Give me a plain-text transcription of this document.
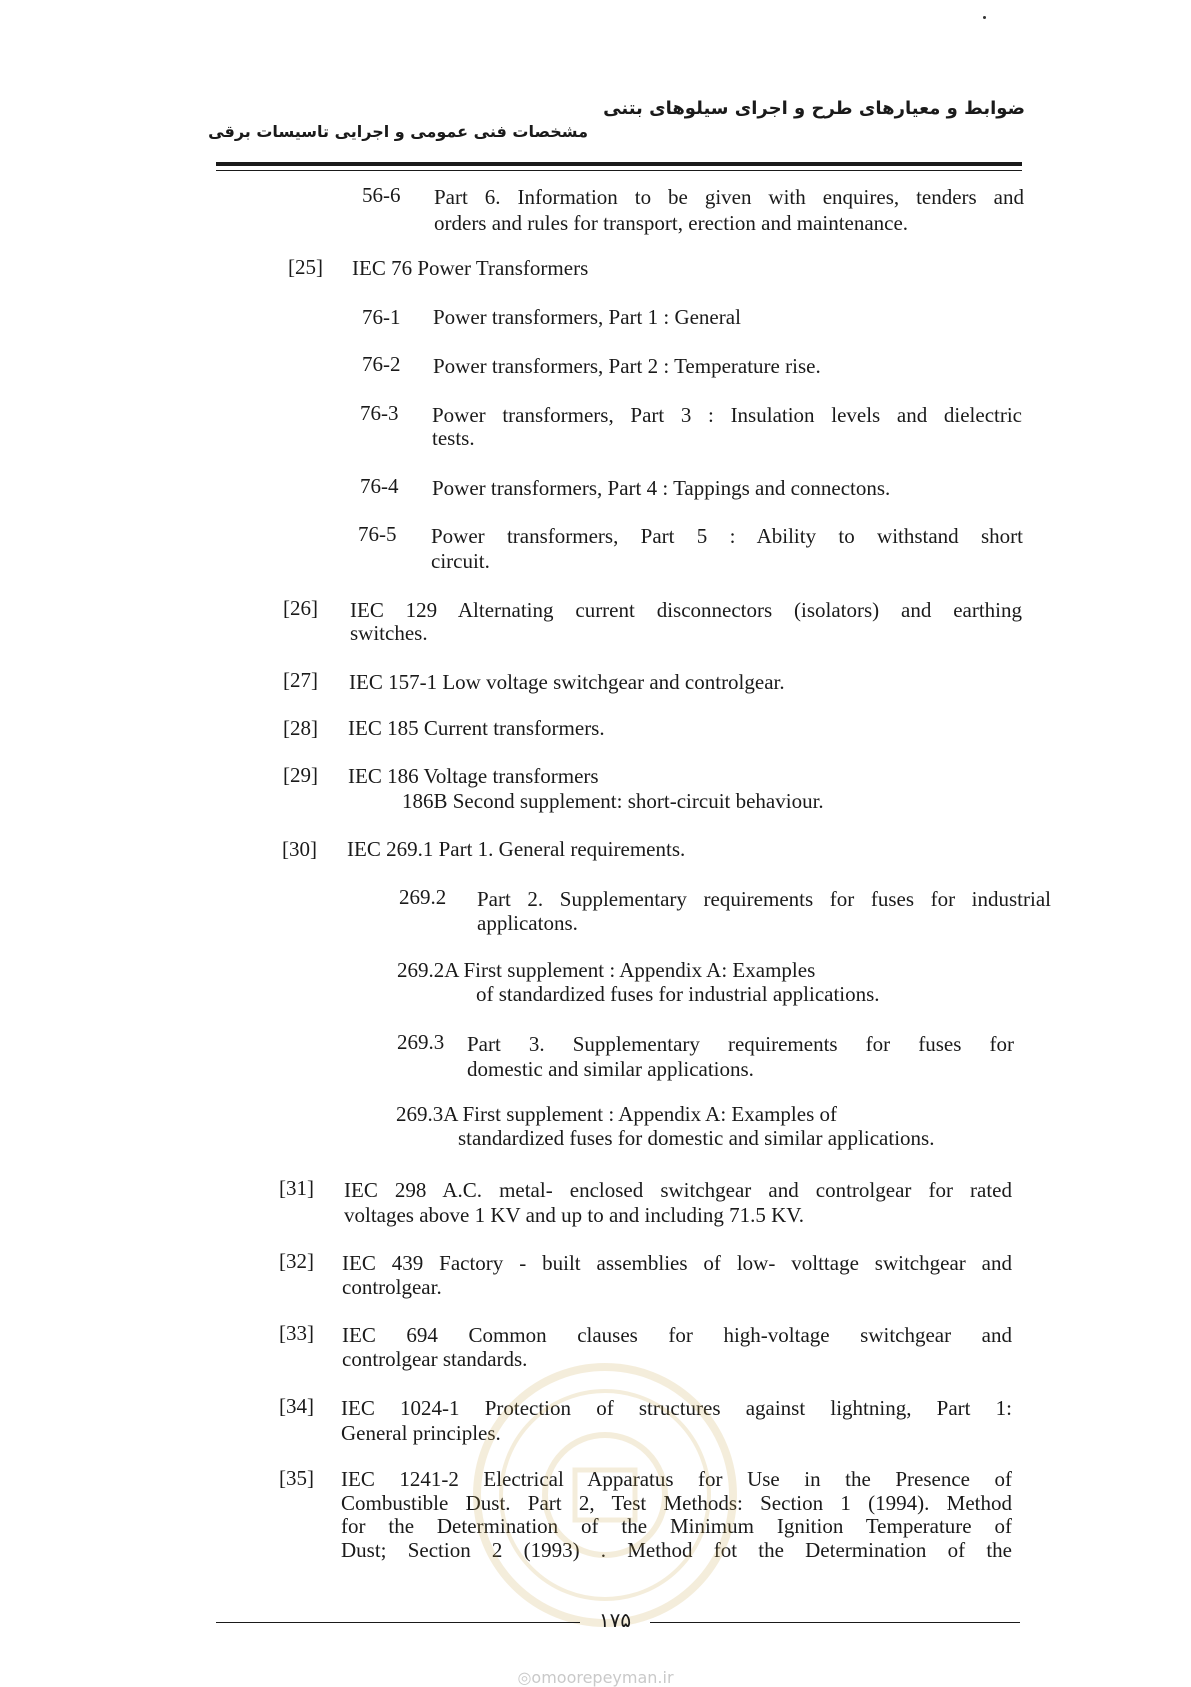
ضوابط و معیارهای طرح و اجرای سیلوهای بتنی
مشخصات فنی عمومی و اجرایی تاسیسات برقی
56-6 Part 6. Information to be given with enquires, tenders and
orders and rules for transport, erection and maintenance.
[25] IEC 76 Power Transformers
76-1 Power transformers, Part 1 : General
76-2 Power transformers, Part 2 : Temperature rise.
76-3 Power transformers, Part 3 : Insulation levels and dielectric
tests.
76-4 Power transformers, Part 4 : Tappings and connectons.
76-5 Power transformers, Part 5 : Ability to withstand short
circuit.
[26] IEC 129 Alternating current disconnectors (isolators) and earthing
switches.
[27] IEC 157-1 Low voltage switchgear and controlgear.
[28] IEC 185 Current transformers.
[29] IEC 186 Voltage transformers
186B Second supplement: short-circuit behaviour.
[30] IEC 269.1 Part 1. General requirements.
269.2 Part 2. Supplementary requirements for fuses for industrial
applicatons.
269.2A First supplement : Appendix A: Examples
of standardized fuses for industrial applications.
269.3 Part 3. Supplementary requirements for fuses for
domestic and similar applications.
269.3A First supplement : Appendix A: Examples of
standardized fuses for domestic and similar applications.
[31] IEC 298 A.C. metal- enclosed switchgear and controlgear for rated
voltages above 1 KV and up to and including 71.5 KV.
[32] IEC 439 Factory - built assemblies of low- volttage switchgear and
controlgear.
[33] IEC 694 Common clauses for high-voltage switchgear and
controlgear standards.
[34] IEC 1024-1 Protection of structures against lightning, Part 1:
General principles.
[35] IEC 1241-2 Electrical Apparatus for Use in the Presence of
Combustible Dust. Part 2, Test Methods: Section 1 (1994). Method
for the Determination of the Minimum Ignition Temperature of
Dust; Section 2 (1993) . Method fot the Determination of the
۱۷۵
◎omoorepeyman.ir
